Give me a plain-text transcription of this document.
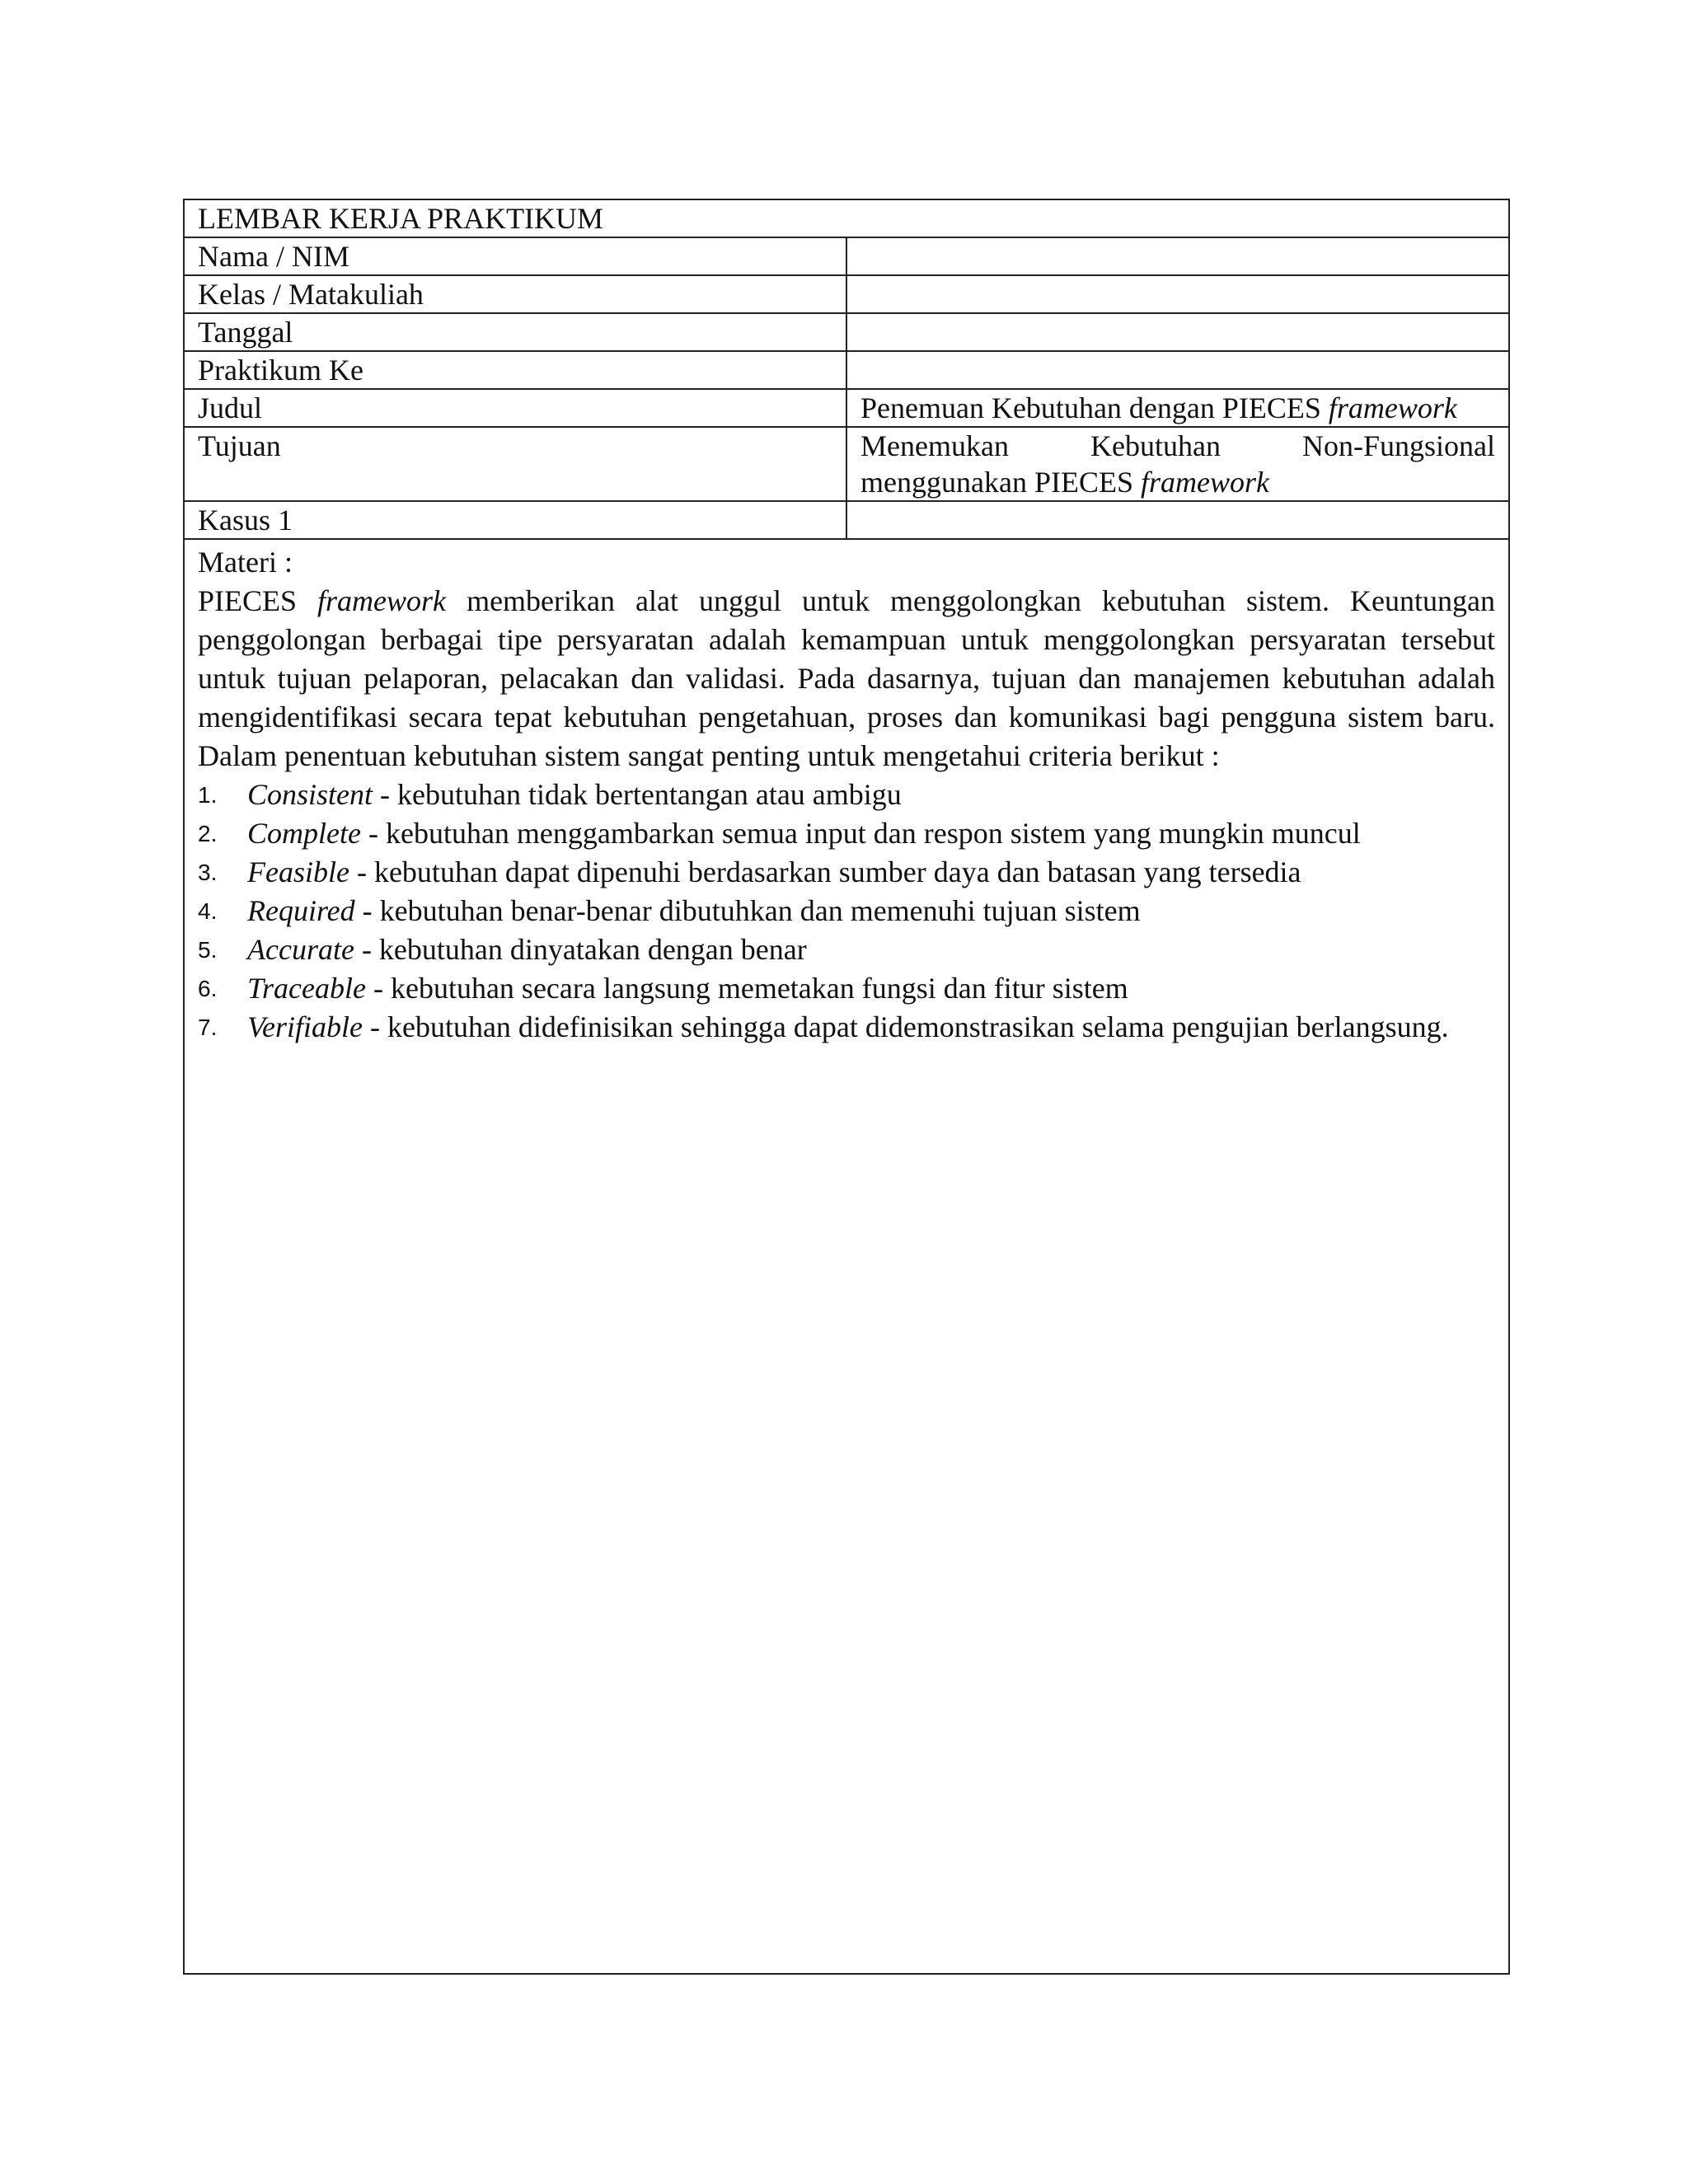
LEMBAR KERJA PRAKTIKUM	
Nama / NIM	
Kelas / Matakuliah	
Tanggal	
Praktikum Ke	
Judul	Penemuan Kebutuhan dengan PIECES framework
Tujuan	Menemukan Kebutuhan Non-Fungsional menggunakan PIECES framework
Kasus 1	
Materi :

PIECES framework memberikan alat unggul untuk menggolongkan kebutuhan sistem. Keuntungan penggolongan berbagai tipe persyaratan adalah kemampuan untuk menggolongkan persyaratan tersebut untuk tujuan pelaporan, pelacakan dan validasi. Pada dasarnya, tujuan dan manajemen kebutuhan adalah mengidentifikasi secara tepat kebutuhan pengetahuan, proses dan komunikasi bagi pengguna sistem baru. Dalam penentuan kebutuhan sistem sangat penting untuk mengetahui criteria berikut :

1. Consistent - kebutuhan tidak bertentangan atau ambigu
2. Complete - kebutuhan menggambarkan semua input dan respon sistem yang mungkin muncul
3. Feasible - kebutuhan dapat dipenuhi berdasarkan sumber daya dan batasan yang tersedia
4. Required - kebutuhan benar-benar dibutuhkan dan memenuhi tujuan sistem
5. Accurate - kebutuhan dinyatakan dengan benar
6. Traceable - kebutuhan secara langsung memetakan fungsi dan fitur sistem
7. Verifiable - kebutuhan didefinisikan sehingga dapat didemonstrasikan selama pengujian berlangsung.
